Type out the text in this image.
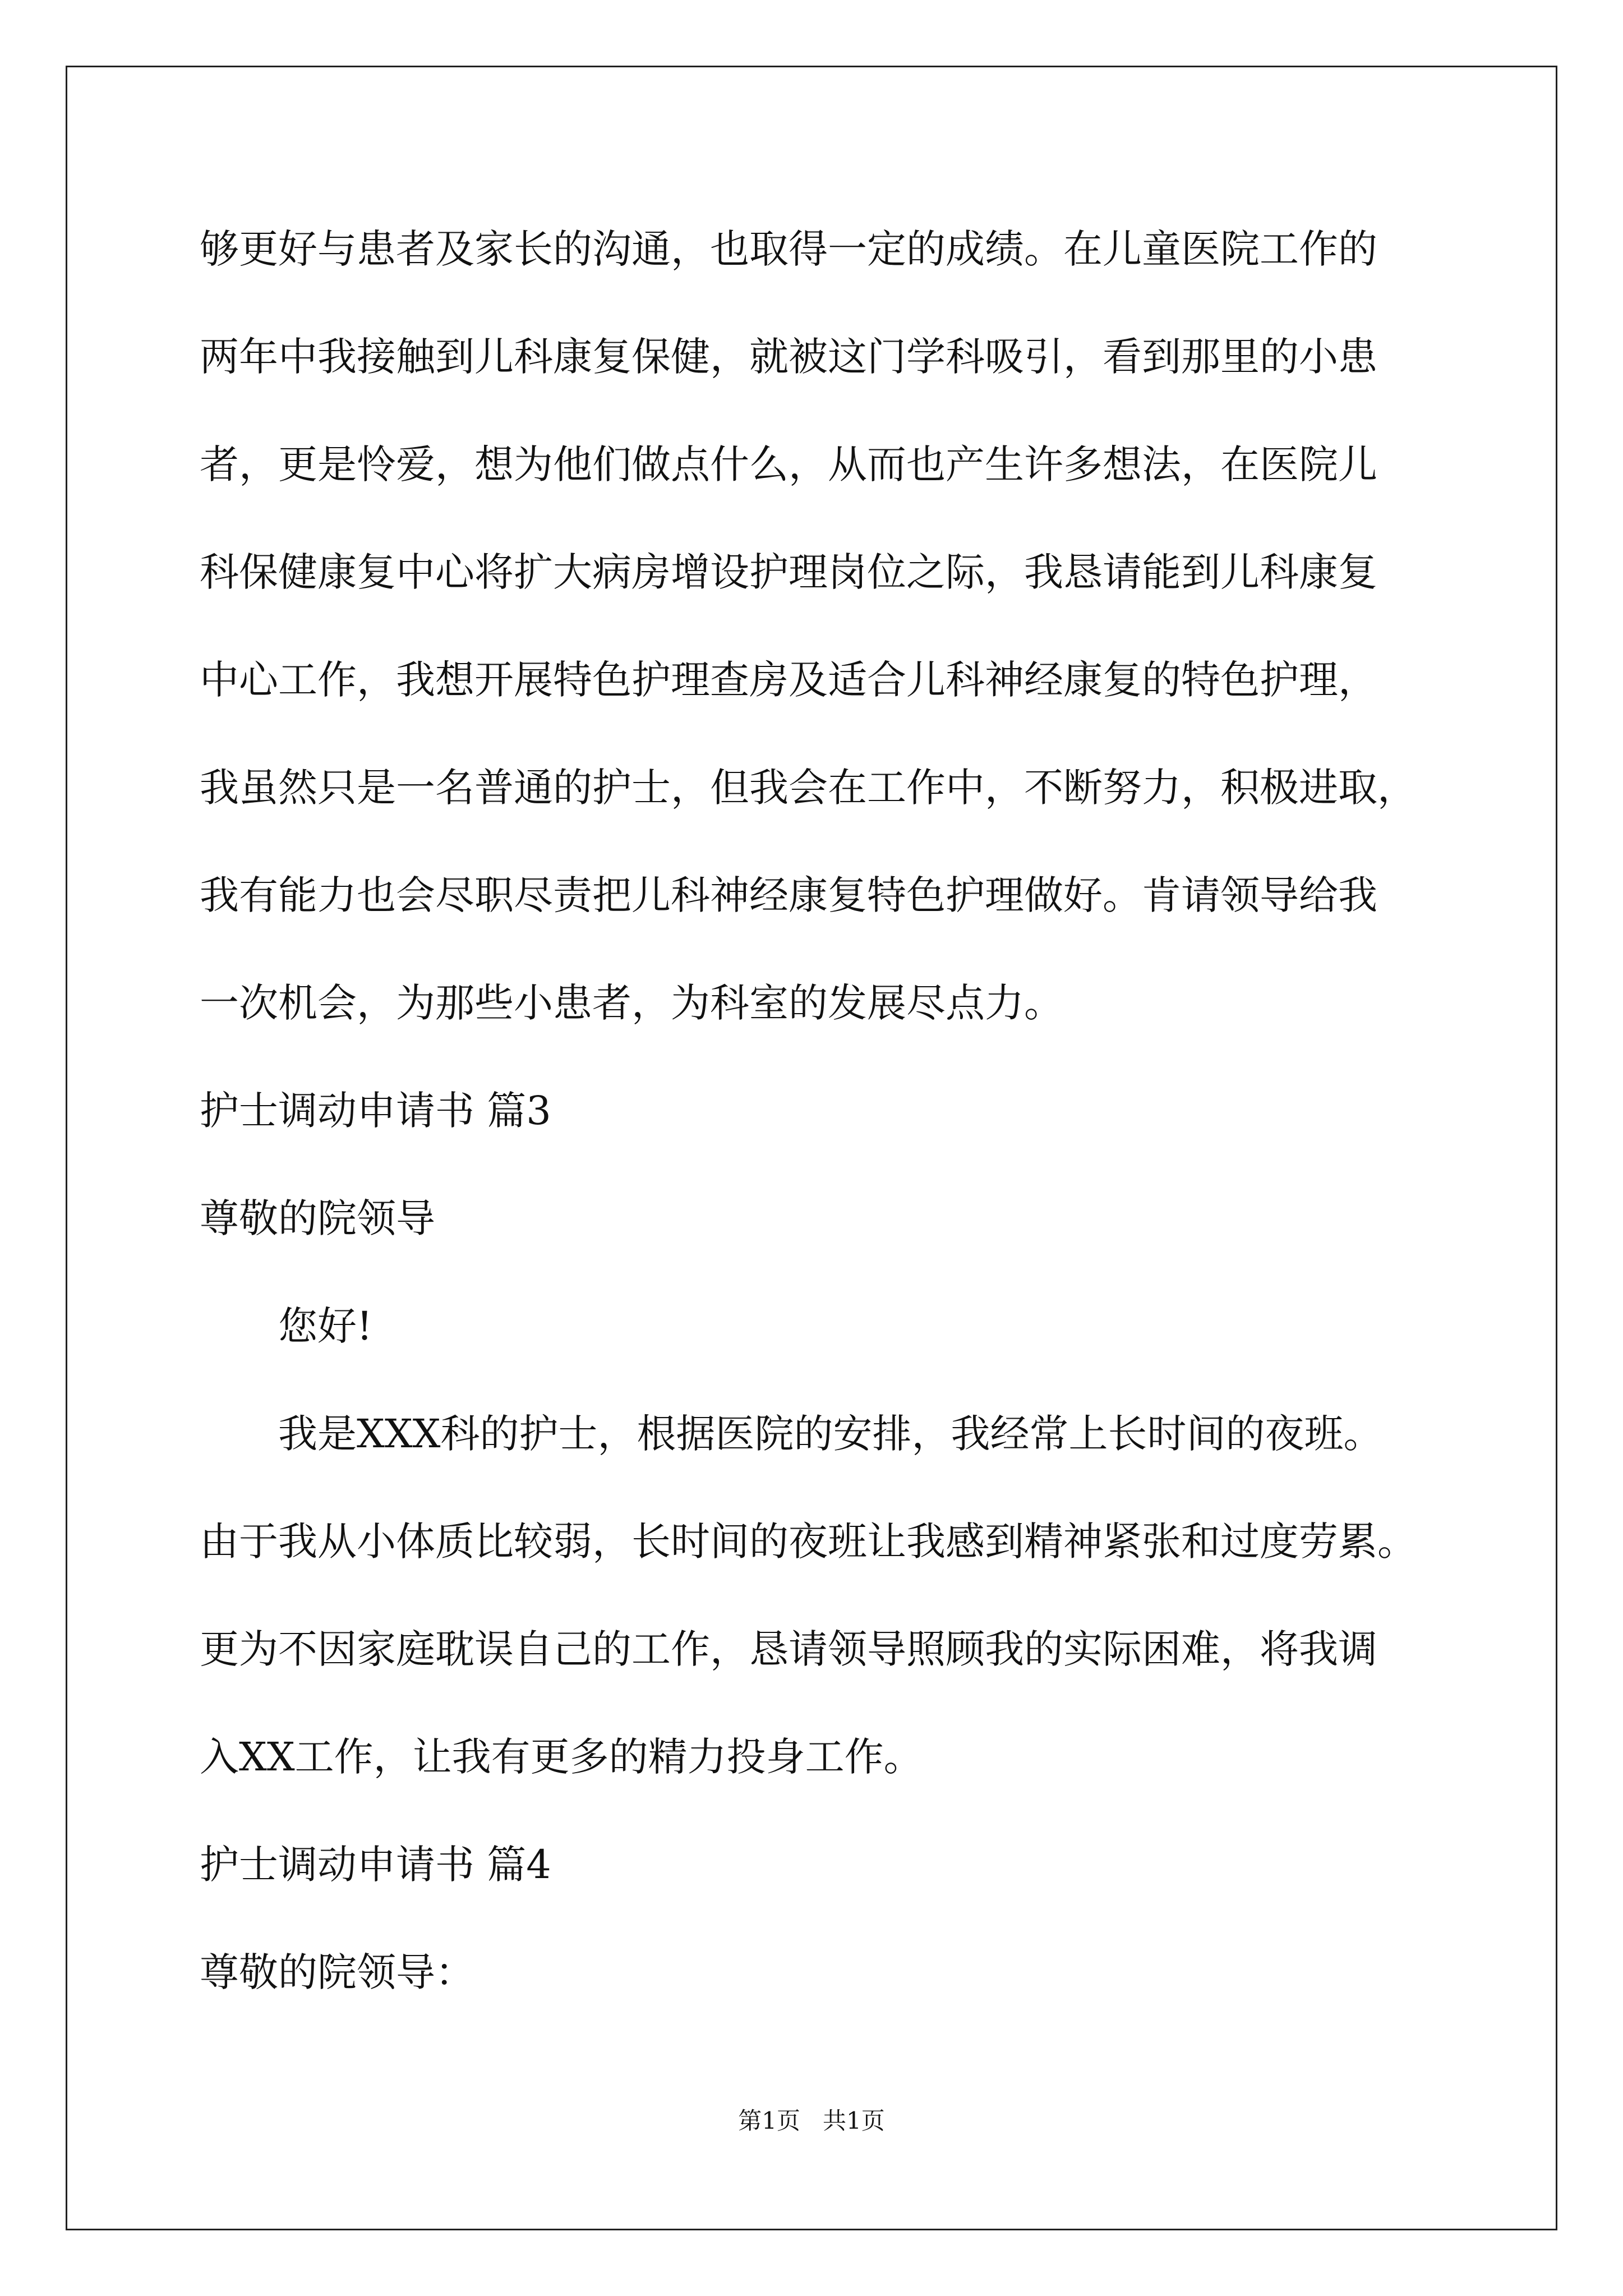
够更好与患者及家长的沟通，也取得一定的成绩。在儿童医院工作的
两年中我接触到儿科康复保健，就被这门学科吸引，看到那里的小患
者，更是怜爱，想为他们做点什么，从而也产生许多想法，在医院儿
科保健康复中心将扩大病房增设护理岗位之际，我恳请能到儿科康复
中心工作，我想开展特色护理查房及适合儿科神经康复的特色护理，
我虽然只是一名普通的护士，但我会在工作中，不断努力，积极进取，
我有能力也会尽职尽责把儿科神经康复特色护理做好。肯请领导给我
一次机会，为那些小患者，为科室的发展尽点力。
护士调动申请书 篇3
尊敬的院领导
您好!
我是XXX科的护士，根据医院的安排，我经常上长时间的夜班。
由于我从小体质比较弱，长时间的夜班让我感到精神紧张和过度劳累。
更为不因家庭耽误自己的工作，恳请领导照顾我的实际困难，将我调
入XX工作，让我有更多的精力投身工作。
护士调动申请书 篇4
尊敬的院领导：
第1页   共1页
